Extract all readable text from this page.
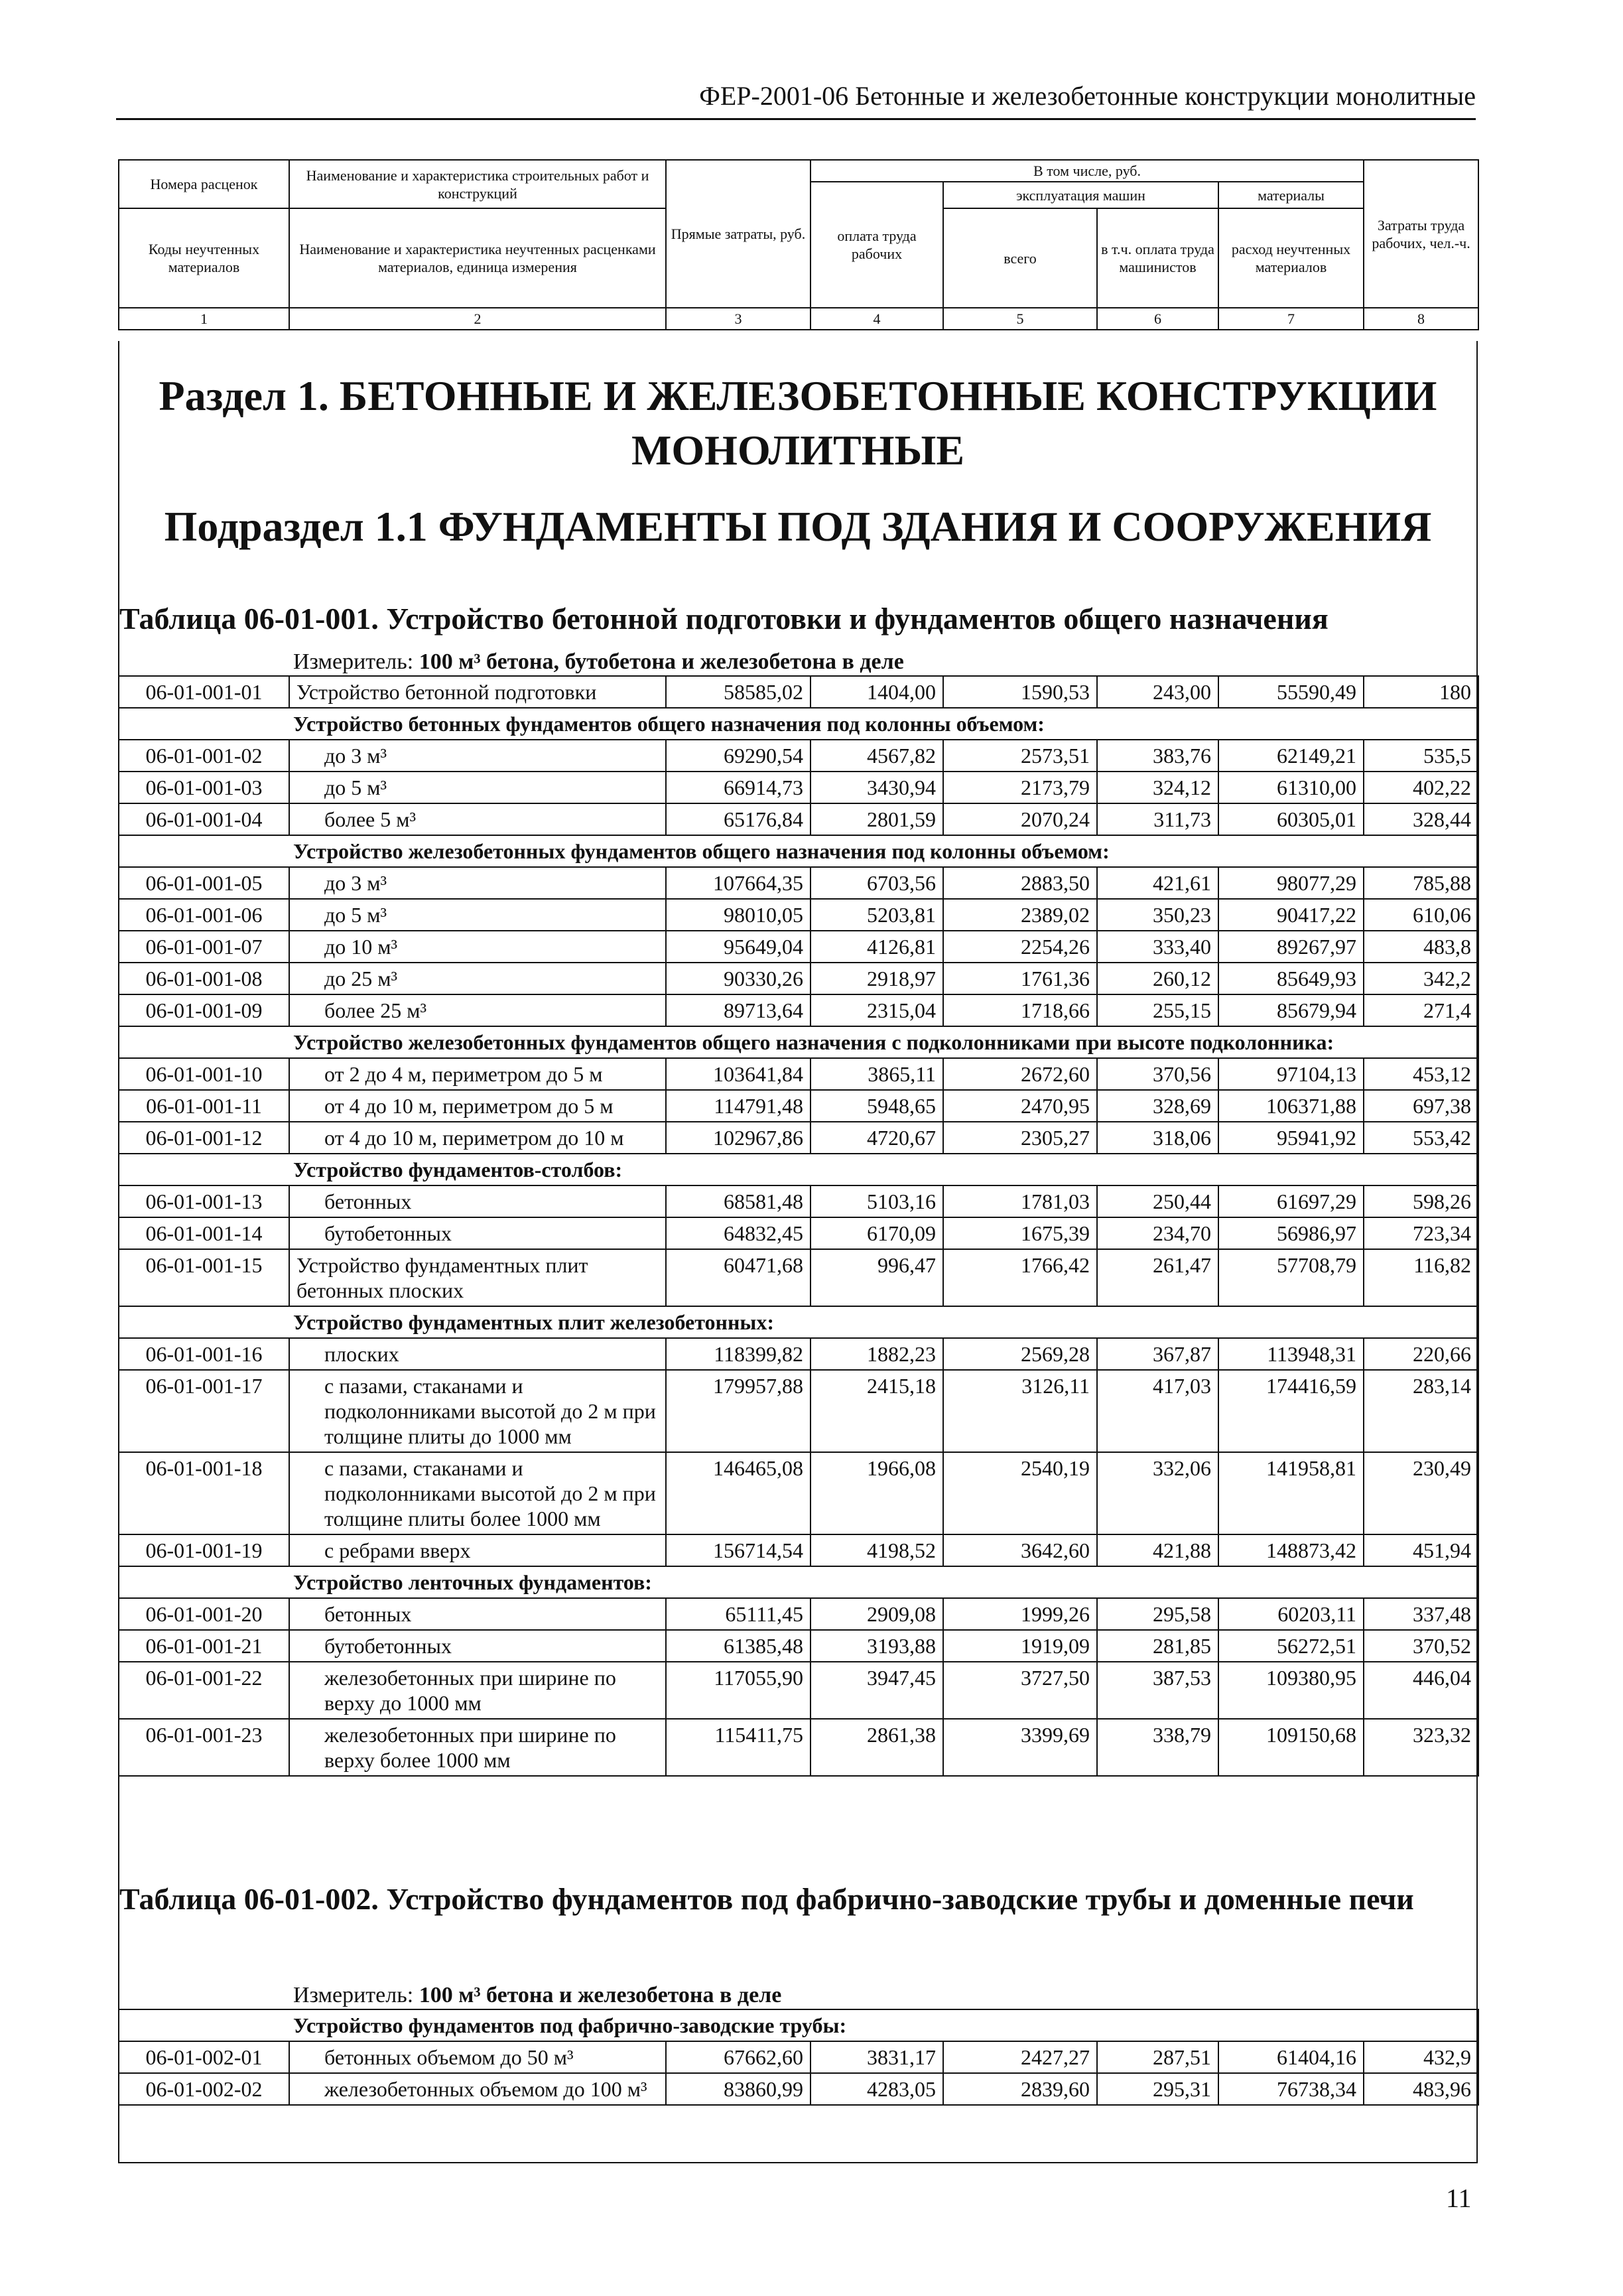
ФЕР-2001-06 Бетонные и железобетонные конструкции монолитные
Номера расценок	Наименование и характеристика строительных работ и конструкций	Прямые затраты, руб.	В том числе, руб.				Затраты труда рабочих, чел.-ч.
			оплата труда рабочих	эксплуатация машин		материалы	
Коды неучтенных материалов	Наименование и характеристика неучтенных расценками материалов, единица измерения			всего	в т.ч. оплата труда машинистов	расход неучтенных материалов	

1	2	3	4	5	6	7	8
Раздел 1. БЕТОННЫЕ И ЖЕЛЕЗОБЕТОННЫЕ КОНСТРУКЦИИ МОНОЛИТНЫЕ
Подраздел 1.1 ФУНДАМЕНТЫ ПОД ЗДАНИЯ И СООРУЖЕНИЯ
Таблица 06-01-001. Устройство бетонной подготовки и фундаментов общего назначения
Измеритель: 100 м³ бетона, бутобетона и железобетона в деле
06-01-001-01	Устройство бетонной подготовки	58585,02	1404,00	1590,53	243,00	55590,49	180
Устройство бетонных фундаментов общего назначения под колонны объемом:							
06-01-001-02	до 3 м³	69290,54	4567,82	2573,51	383,76	62149,21	535,5
06-01-001-03	до 5 м³	66914,73	3430,94	2173,79	324,12	61310,00	402,22
06-01-001-04	более 5 м³	65176,84	2801,59	2070,24	311,73	60305,01	328,44
Устройство железобетонных фундаментов общего назначения под колонны объемом:							
06-01-001-05	до 3 м³	107664,35	6703,56	2883,50	421,61	98077,29	785,88
06-01-001-06	до 5 м³	98010,05	5203,81	2389,02	350,23	90417,22	610,06
06-01-001-07	до 10 м³	95649,04	4126,81	2254,26	333,40	89267,97	483,8
06-01-001-08	до 25 м³	90330,26	2918,97	1761,36	260,12	85649,93	342,2
06-01-001-09	более 25 м³	89713,64	2315,04	1718,66	255,15	85679,94	271,4
Устройство железобетонных фундаментов общего назначения с подколонниками при высоте подколонника:							
06-01-001-10	от 2 до 4 м, периметром до 5 м	103641,84	3865,11	2672,60	370,56	97104,13	453,12
06-01-001-11	от 4 до 10 м, периметром до 5 м	114791,48	5948,65	2470,95	328,69	106371,88	697,38
06-01-001-12	от 4 до 10 м, периметром до 10 м	102967,86	4720,67	2305,27	318,06	95941,92	553,42
Устройство фундаментов-столбов:							
06-01-001-13	бетонных	68581,48	5103,16	1781,03	250,44	61697,29	598,26
06-01-001-14	бутобетонных	64832,45	6170,09	1675,39	234,70	56986,97	723,34
06-01-001-15	Устройство фундаментных плит бетонных плоских	60471,68	996,47	1766,42	261,47	57708,79	116,82
Устройство фундаментных плит железобетонных:							
06-01-001-16	плоских	118399,82	1882,23	2569,28	367,87	113948,31	220,66
06-01-001-17	с пазами, стаканами и подколонниками высотой до 2 м при толщине плиты до 1000 мм	179957,88	2415,18	3126,11	417,03	174416,59	283,14
06-01-001-18	с пазами, стаканами и подколонниками высотой до 2 м при толщине плиты более 1000 мм	146465,08	1966,08	2540,19	332,06	141958,81	230,49
06-01-001-19	с ребрами вверх	156714,54	4198,52	3642,60	421,88	148873,42	451,94
Устройство ленточных фундаментов:							
06-01-001-20	бетонных	65111,45	2909,08	1999,26	295,58	60203,11	337,48
06-01-001-21	бутобетонных	61385,48	3193,88	1919,09	281,85	56272,51	370,52
06-01-001-22	железобетонных при ширине по верху до 1000 мм	117055,90	3947,45	3727,50	387,53	109380,95	446,04
06-01-001-23	железобетонных при ширине по верху более 1000 мм	115411,75	2861,38	3399,69	338,79	109150,68	323,32
Таблица 06-01-002. Устройство фундаментов под фабрично-заводские трубы и доменные печи
Измеритель: 100 м³ бетона и железобетона в деле
Устройство фундаментов под фабрично-заводские трубы:							
06-01-002-01	бетонных объемом до 50 м³	67662,60	3831,17	2427,27	287,51	61404,16	432,9
06-01-002-02	железобетонных объемом до 100 м³	83860,99	4283,05	2839,60	295,31	76738,34	483,96
11
